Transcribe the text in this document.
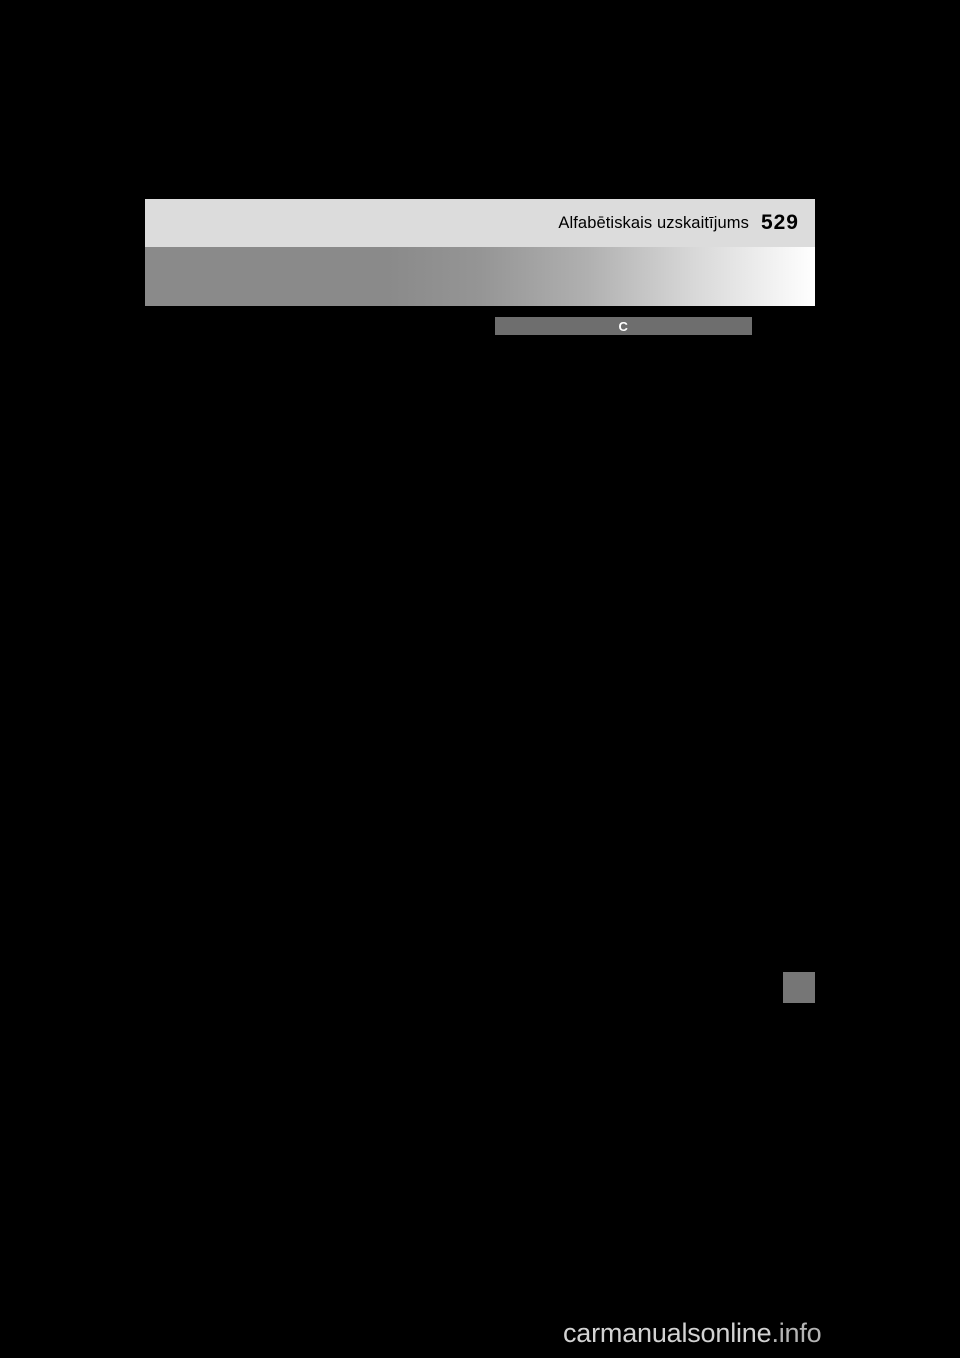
Alfabētiskais uzskaitījums 529
C
carmanualsonline.info
